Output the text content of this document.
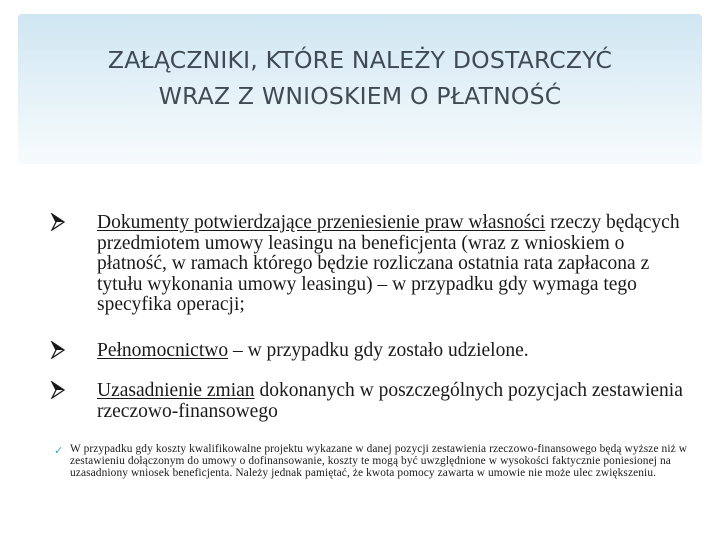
ZAŁĄCZNIKI, KTÓRE NALEŻY DOSTARCZYĆ
WRAZ Z WNIOSKIEM O PŁATNOŚĆ
Dokumenty potwierdzające przeniesienie praw własności rzeczy będących przedmiotem umowy leasingu na beneficjenta (wraz z wnioskiem o płatność, w ramach którego będzie rozliczana ostatnia rata zapłacona z tytułu wykonania umowy leasingu) – w przypadku gdy wymaga tego specyfika operacji;
Pełnomocnictwo – w przypadku gdy zostało udzielone.
Uzasadnienie zmian dokonanych w poszczególnych pozycjach zestawienia rzeczowo-finansowego
✓ W przypadku gdy koszty kwalifikowalne projektu wykazane w danej pozycji zestawienia rzeczowo-finansowego będą wyższe niż w zestawieniu dołączonym do umowy o dofinansowanie, koszty te mogą być uwzględnione w wysokości faktycznie poniesionej na uzasadniony wniosek beneficjenta. Należy jednak pamiętać, że kwota pomocy zawarta w umowie nie może ulec zwiększeniu.
